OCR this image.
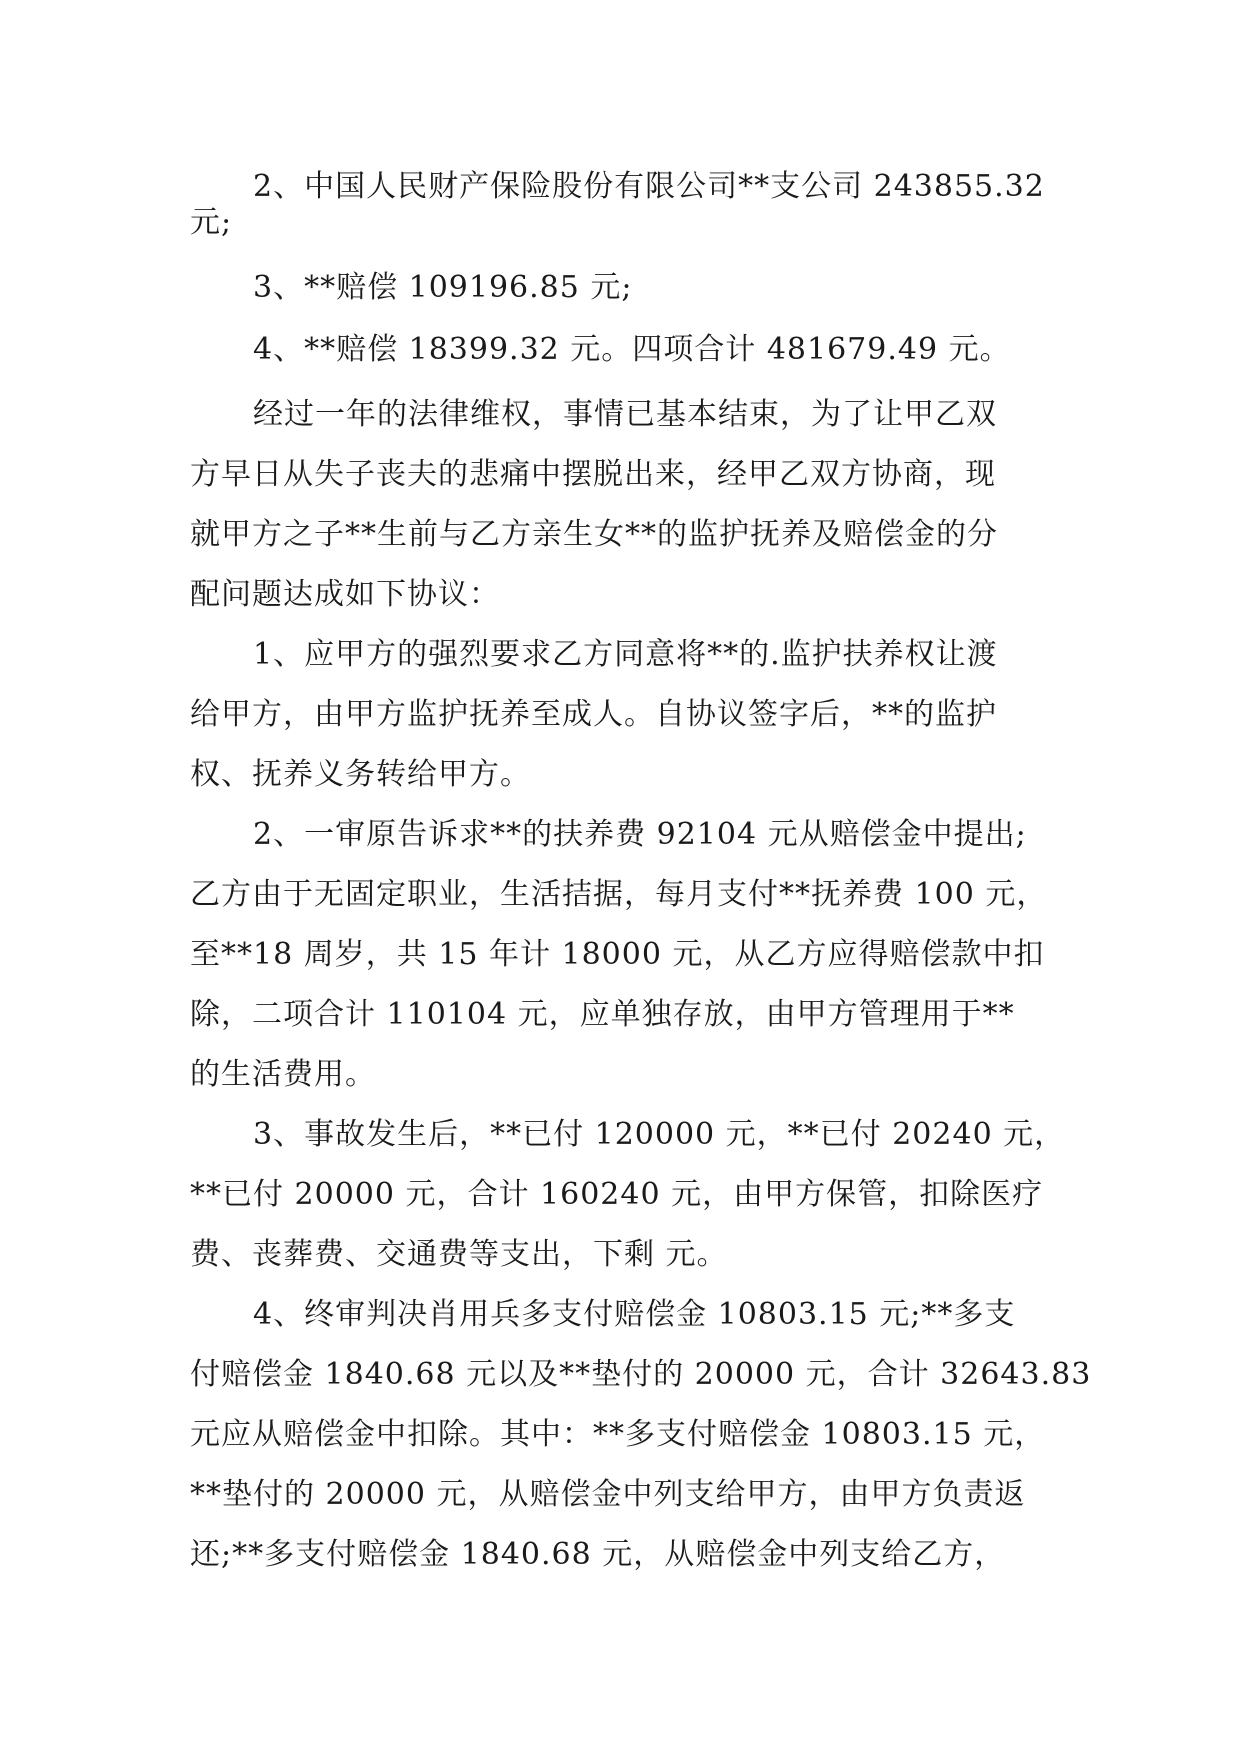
2、中国人民财产保险股份有限公司**支公司 243855.32
元;
3、**赔偿 109196.85 元;
4、**赔偿 18399.32 元。四项合计 481679.49 元。
经过一年的法律维权，事情已基本结束，为了让甲乙双
方早日从失子丧夫的悲痛中摆脱出来，经甲乙双方协商，现
就甲方之子**生前与乙方亲生女**的监护抚养及赔偿金的分
配问题达成如下协议：
1、应甲方的强烈要求乙方同意将**的.监护扶养权让渡
给甲方，由甲方监护抚养至成人。自协议签字后，**的监护
权、抚养义务转给甲方。
2、一审原告诉求**的扶养费 92104 元从赔偿金中提出;
乙方由于无固定职业，生活拮据，每月支付**抚养费 100 元，
至**18 周岁，共 15 年计 18000 元，从乙方应得赔偿款中扣
除，二项合计 110104 元，应单独存放，由甲方管理用于**
的生活费用。
3、事故发生后，**已付 120000 元，**已付 20240 元，
**已付 20000 元，合计 160240 元，由甲方保管，扣除医疗
费、丧葬费、交通费等支出，下剩 元。
4、终审判决肖用兵多支付赔偿金 10803.15 元;**多支
付赔偿金 1840.68 元以及**垫付的 20000 元，合计 32643.83
元应从赔偿金中扣除。其中：**多支付赔偿金 10803.15 元，
**垫付的 20000 元，从赔偿金中列支给甲方，由甲方负责返
还;**多支付赔偿金 1840.68 元，从赔偿金中列支给乙方，
